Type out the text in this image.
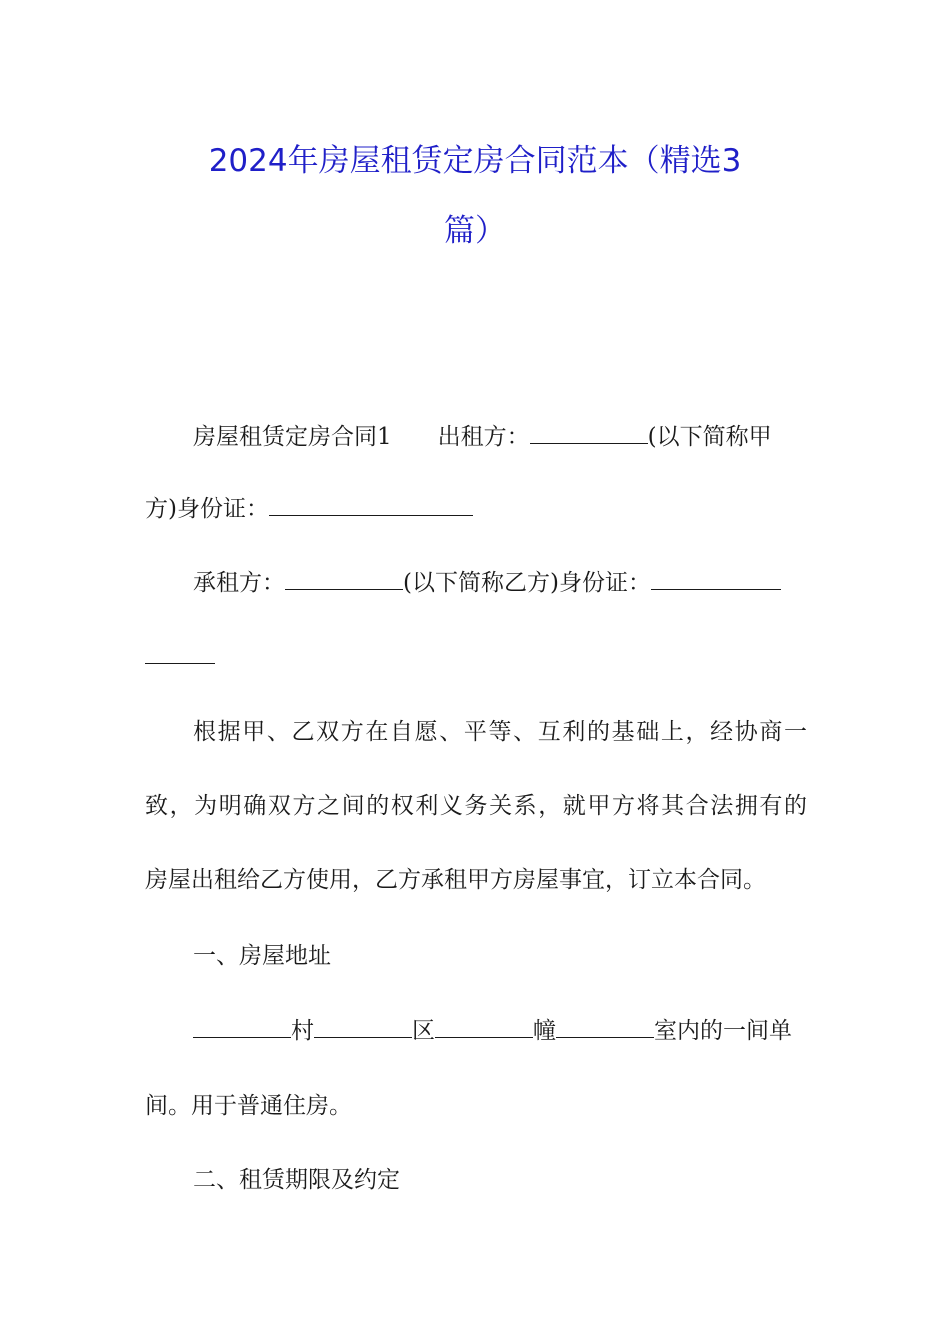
2024年房屋租赁定房合同范本（精选3
篇）
房屋租赁定房合同1 出租方：	(以下简称甲
方)身份证：
承租方：	(以下简称乙方)身份证：
根据甲、乙双方在自愿、平等、互利的基础上，经协商一
致，为明确双方之间的权利义务关系，就甲方将其合法拥有的
房屋出租给乙方使用，乙方承租甲方房屋事宜，订立本合同。
一、房屋地址
村	区	幢	室内的一间单
间。用于普通住房。
二、租赁期限及约定
